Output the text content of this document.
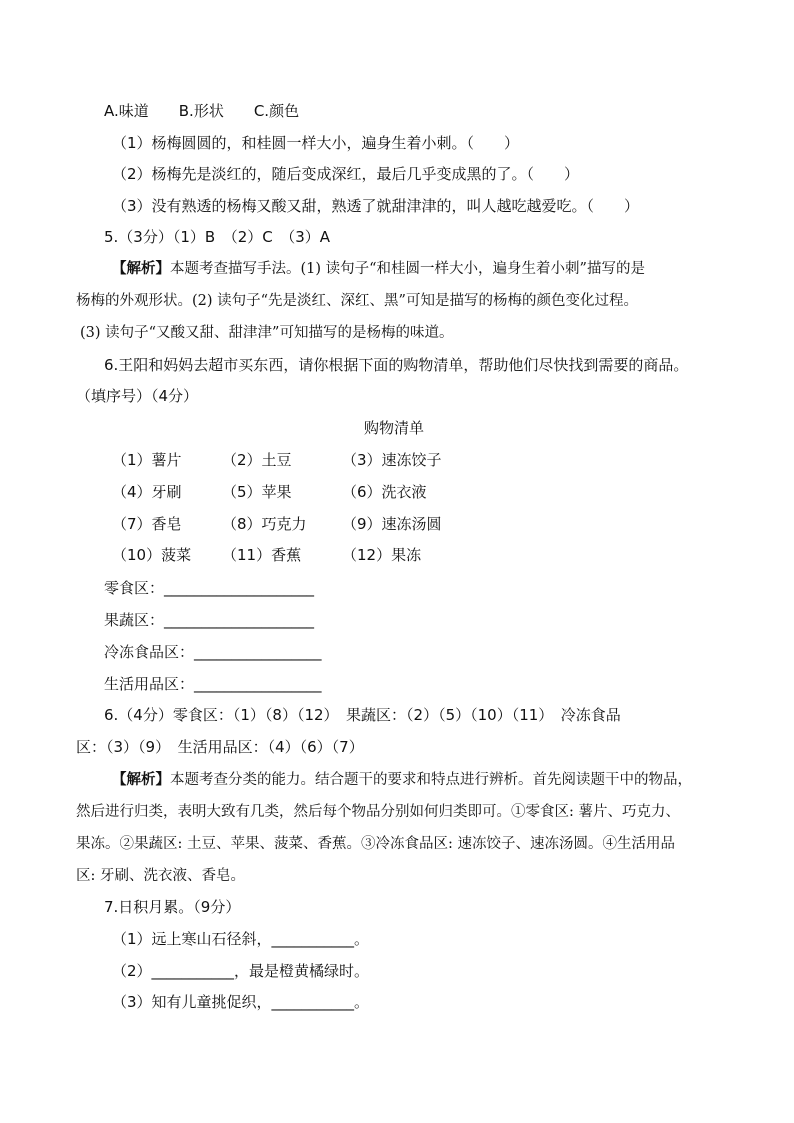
A.味道　　B.形状　　C.颜色
（1）杨梅圆圆的，和桂圆一样大小，遍身生着小刺。（　　）
（2）杨梅先是淡红的，随后变成深红，最后几乎变成黑的了。（　　）
（3）没有熟透的杨梅又酸又甜，熟透了就甜津津的，叫人越吃越爱吃。（　　）
5.（3分）（1）B　（2）C　（3）A
【解析】本题考查描写手法。(1) 读句子“和桂圆一样大小，遍身生着小刺”描写的是
杨梅的外观形状。(2) 读句子“先是淡红、深红、黑”可知是描写的杨梅的颜色变化过程。
(3) 读句子“又酸又甜、甜津津”可知描写的是杨梅的味道。
6.王阳和妈妈去超市买东西，请你根据下面的购物清单，帮助他们尽快找到需要的商品。
（填序号）（4分）
购物清单
（1）薯片	（2）土豆	（3）速冻饺子
（4）牙刷	（5）苹果	（6）洗衣液
（7）香皂	（8）巧克力 （9）速冻汤圆
（10）菠菜 （11）香蕉	（12）果冻
零食区：____________________
果蔬区：____________________
冷冻食品区：_________________
生活用品区：_________________
6.（4分）零食区：（1）（8）（12）　果蔬区：（2）（5）（10）（11）　冷冻食品
区：（3）（9）　生活用品区：（4）（6）（7）
【解析】本题考查分类的能力。结合题干的要求和特点进行辨析。首先阅读题干中的物品，
然后进行归类，表明大致有几类，然后每个物品分别如何归类即可。①零食区: 薯片、巧克力、
果冻。②果蔬区: 土豆、苹果、菠菜、香蕉。③冷冻食品区: 速冻饺子、速冻汤圆。④生活用品
区: 牙刷、洗衣液、香皂。
7.日积月累。（9分）
（1）远上寒山石径斜，___________。
（2）___________，最是橙黄橘绿时。
（3）知有儿童挑促织，___________。
